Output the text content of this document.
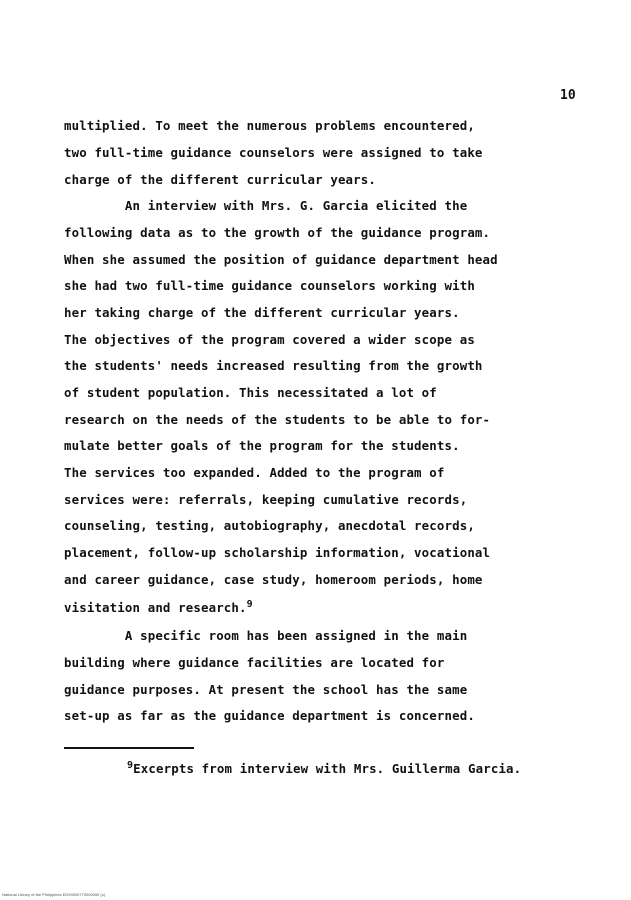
10
multiplied. To meet the numerous problems encountered,
two full-time guidance counselors were assigned to take
charge of the different curricular years.
An interview with Mrs. G. Garcia elicited the
following data as to the growth of the guidance program.
When she assumed the position of guidance department head
she had two full-time guidance counselors working with
her taking charge of the different curricular years.
The objectives of the program covered a wider scope as
the students' needs increased resulting from the growth
of student population. This necessitated a lot of
research on the needs of the students to be able to for-
mulate better goals of the program for the students.
The services too expanded. Added to the program of
services were: referrals, keeping cumulative records,
counseling, testing, autobiography, anecdotal records,
placement, follow-up scholarship information, vocational
and career guidance, case study, homeroom periods, home
visitation and research.$^9$
A specific room has been assigned in the main
building where guidance facilities are located for
guidance purposes. At present the school has the same
set-up as far as the guidance department is concerned.
$^9$Excerpts from interview with Mrs. Guillerma Garcia.
National Library of the Philippines ED99000770000059 (c)
